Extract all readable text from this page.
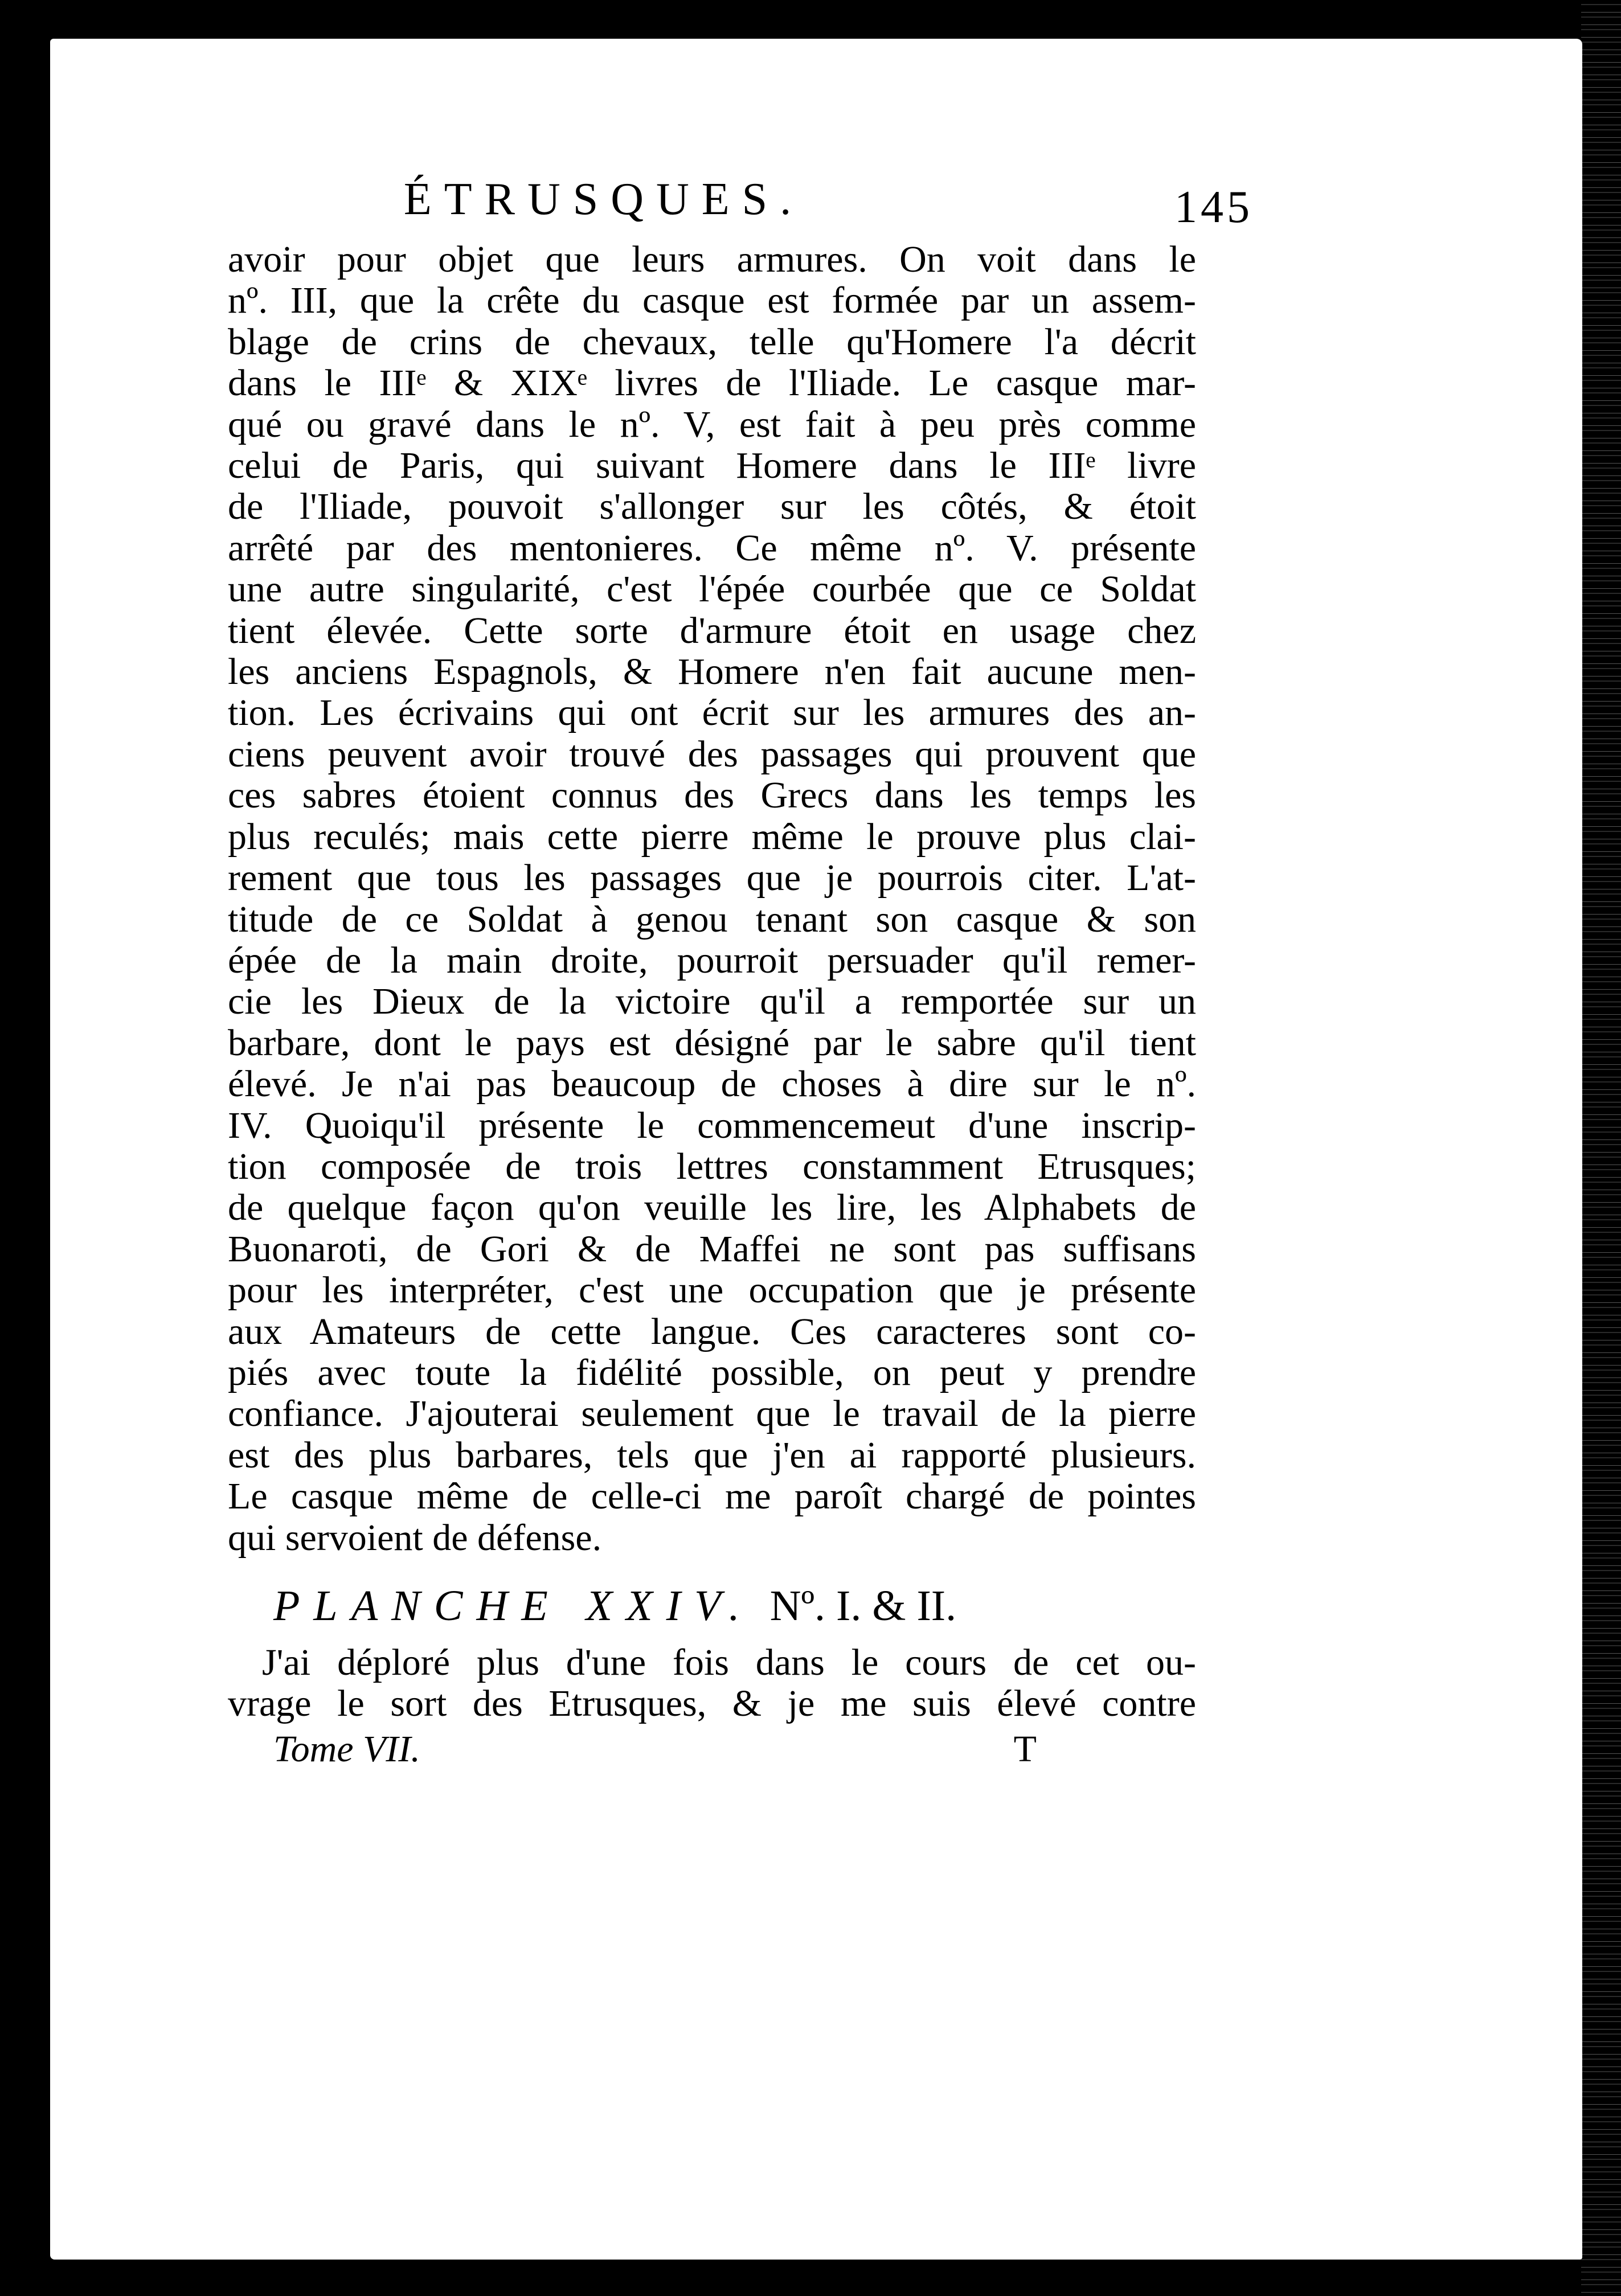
ÉTRUSQUES.	145
avoir pour objet que leurs armures. On voit dans le
nº. III, que la crête du casque est formée par un assem-
blage de crins de chevaux, telle qu'Homere l'a décrit
dans le IIIᵉ & XIXᵉ livres de l'Iliade. Le casque mar-
qué ou gravé dans le nº. V, est fait à peu près comme
celui de Paris, qui suivant Homere dans le IIIᵉ livre
de l'Iliade, pouvoit s'allonger sur les côtés, & étoit
arrêté par des mentonieres. Ce même nº. V. présente
une autre singularité, c'est l'épée courbée que ce Soldat
tient élevée. Cette sorte d'armure étoit en usage chez
les anciens Espagnols, & Homere n'en fait aucune men-
tion. Les écrivains qui ont écrit sur les armures des an-
ciens peuvent avoir trouvé des passages qui prouvent que
ces sabres étoient connus des Grecs dans les temps les
plus reculés; mais cette pierre même le prouve plus clai-
rement que tous les passages que je pourrois citer. L'at-
titude de ce Soldat à genou tenant son casque & son
épée de la main droite, pourroit persuader qu'il remer-
cie les Dieux de la victoire qu'il a remportée sur un
barbare, dont le pays est désigné par le sabre qu'il tient
élevé. Je n'ai pas beaucoup de choses à dire sur le nº.
IV. Quoiqu'il présente le commencemeut d'une inscrip-
tion composée de trois lettres constamment Etrusques;
de quelque façon qu'on veuille les lire, les Alphabets de
Buonaroti, de Gori & de Maffei ne sont pas suffisans
pour les interpréter, c'est une occupation que je présente
aux Amateurs de cette langue. Ces caracteres sont co-
piés avec toute la fidélité possible, on peut y prendre
confiance. J'ajouterai seulement que le travail de la pierre
est des plus barbares, tels que j'en ai rapporté plusieurs.
Le casque même de celle-ci me paroît chargé de pointes
qui servoient de défense.
PLANCHE XXIV. Nº. I. & II.
J'ai déploré plus d'une fois dans le cours de cet ou-
vrage le sort des Etrusques, & je me suis élevé contre
Tome VII.	T
